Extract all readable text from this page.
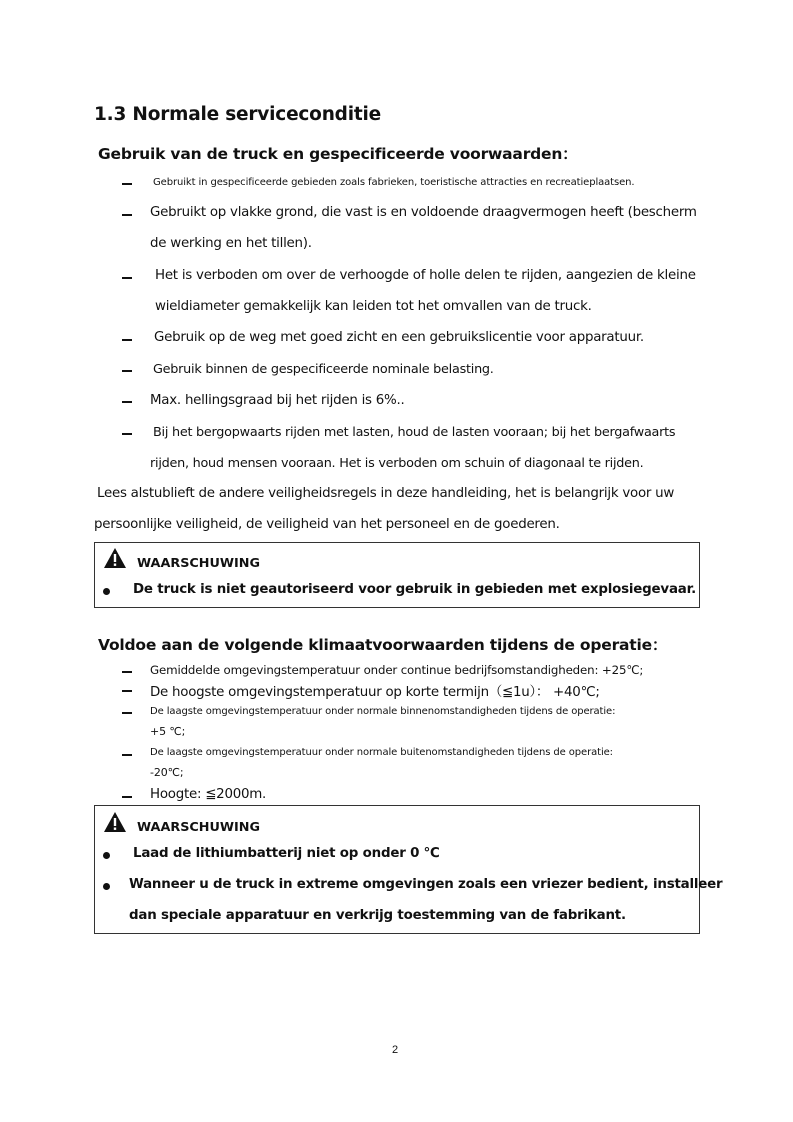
1.3 Normale serviceconditie
Gebruik van de truck en gespecificeerde voorwaarden：
Gebruikt in gespecificeerde gebieden zoals fabrieken, toeristische attracties en recreatieplaatsen.
Gebruikt op vlakke grond, die vast is en voldoende draagvermogen heeft (bescherm
de werking en het tillen).
Het is verboden om over de verhoogde of holle delen te rijden, aangezien de kleine
wieldiameter gemakkelijk kan leiden tot het omvallen van de truck.
Gebruik op de weg met goed zicht en een gebruikslicentie voor apparatuur.
Gebruik binnen de gespecificeerde nominale belasting.
Max. hellingsgraad bij het rijden is 6%..
Bij het bergopwaarts rijden met lasten, houd de lasten vooraan; bij het bergafwaarts
rijden, houd mensen vooraan. Het is verboden om schuin of diagonaal te rijden.
Lees alstublieft de andere veiligheidsregels in deze handleiding, het is belangrijk voor uw
persoonlijke veiligheid, de veiligheid van het personeel en de goederen.
WAARSCHUWING
De truck is niet geautoriseerd voor gebruik in gebieden met explosiegevaar.
Voldoe aan de volgende klimaatvoorwaarden tijdens de operatie：
Gemiddelde omgevingstemperatuur onder continue bedrijfsomstandigheden: +25℃;
De hoogste omgevingstemperatuur op korte termijn（≦1u）： +40℃;
De laagste omgevingstemperatuur onder normale binnenomstandigheden tijdens de operatie:
+5 ℃;
De laagste omgevingstemperatuur onder normale buitenomstandigheden tijdens de operatie:
-20℃;
Hoogte: ≦2000m.
WAARSCHUWING
Laad de lithiumbatterij niet op onder 0 ℃
Wanneer u de truck in extreme omgevingen zoals een vriezer bedient, installeer
dan speciale apparatuur en verkrijg toestemming van de fabrikant.
2
